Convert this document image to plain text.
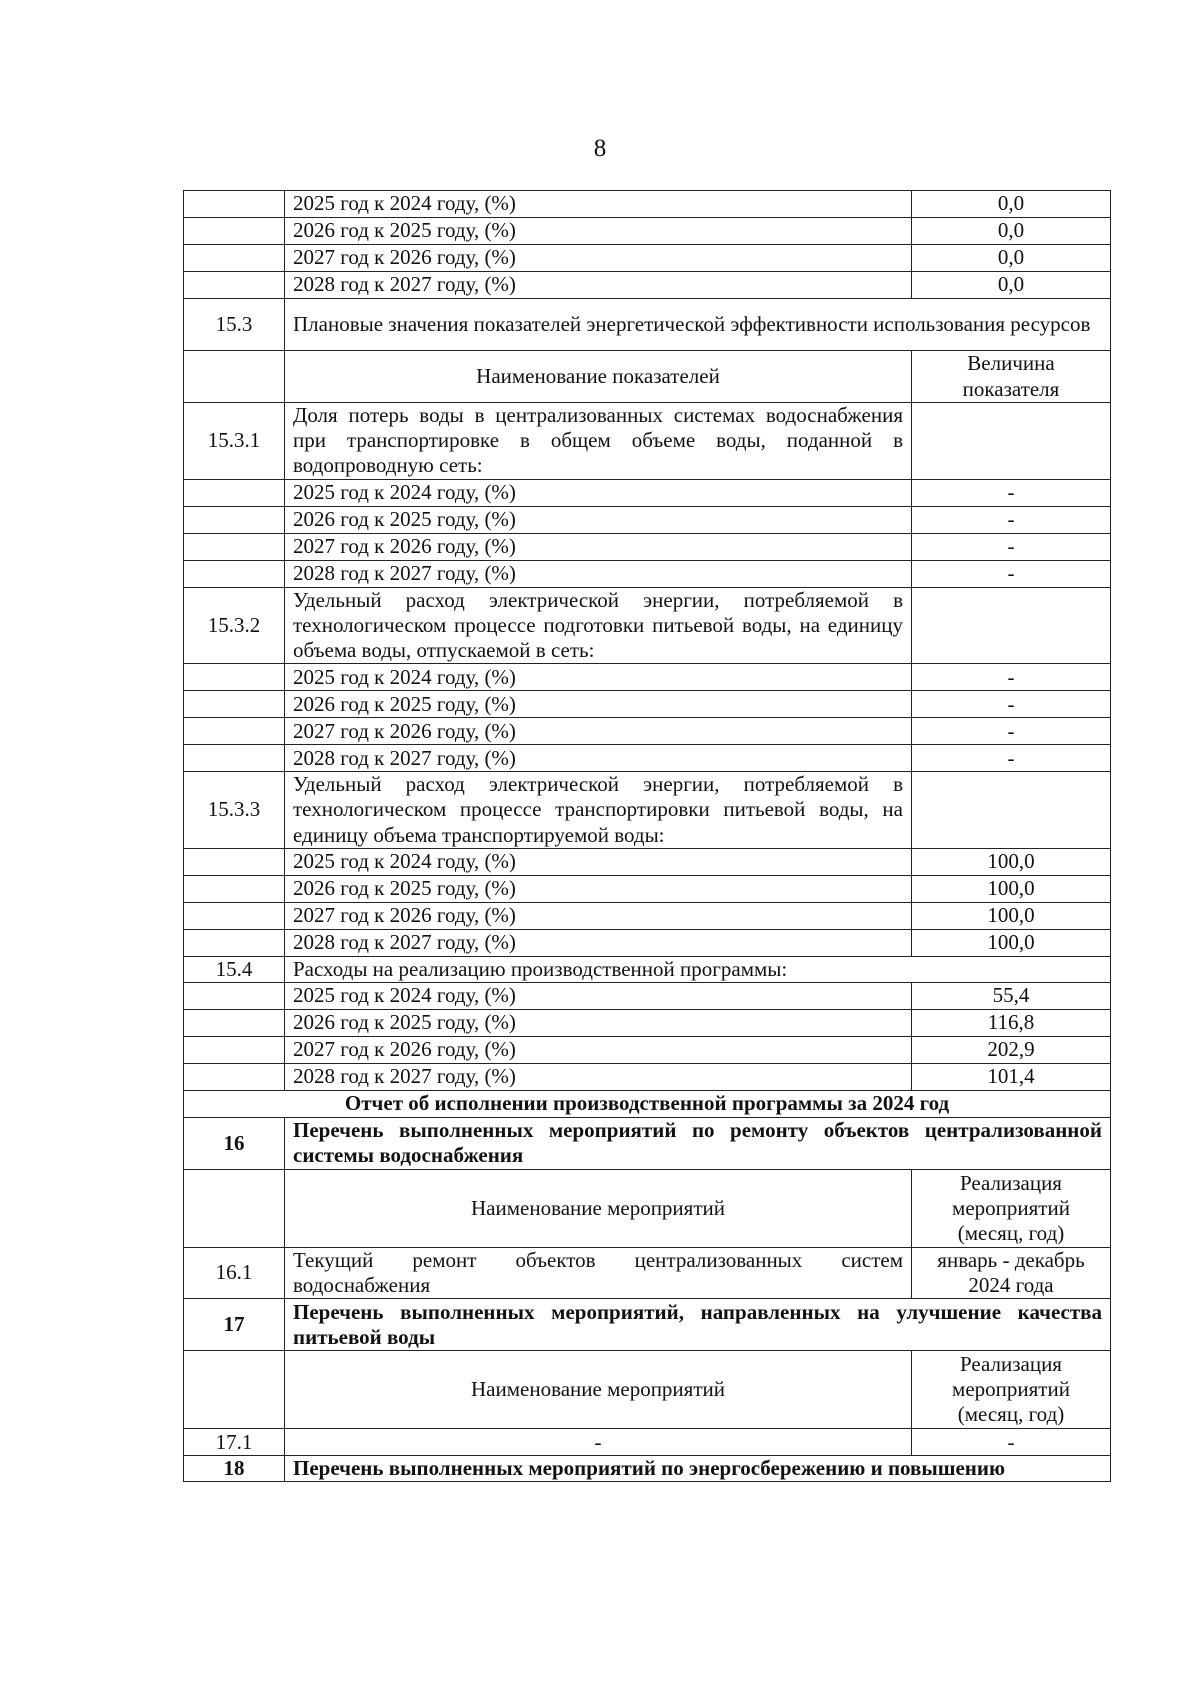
8
	2025 год к 2024 году, (%)	0,0
	2026 год к 2025 году, (%)	0,0
	2027 год к 2026 году, (%)	0,0
	2028 год к 2027 году, (%)	0,0
15.3	Плановые значения показателей энергетической эффективности использования ресурсов	
	Наименование показателей	Величина показателя
15.3.1	Доля потерь воды в централизованных системах водоснабжения при транспортировке в общем объеме воды, поданной в водопроводную сеть:	
	2025 год к 2024 году, (%)	-
	2026 год к 2025 году, (%)	-
	2027 год к 2026 году, (%)	-
	2028 год к 2027 году, (%)	-
15.3.2	Удельный расход электрической энергии, потребляемой в технологическом процессе подготовки питьевой воды, на единицу объема воды, отпускаемой в сеть:	
	2025 год к 2024 году, (%)	-
	2026 год к 2025 году, (%)	-
	2027 год к 2026 году, (%)	-
	2028 год к 2027 году, (%)	-
15.3.3	Удельный расход электрической энергии, потребляемой в технологическом процессе транспортировки питьевой воды, на единицу объема транспортируемой воды:	
	2025 год к 2024 году, (%)	100,0
	2026 год к 2025 году, (%)	100,0
	2027 год к 2026 году, (%)	100,0
	2028 год к 2027 году, (%)	100,0
15.4	Расходы на реализацию производственной программы:	
	2025 год к 2024 году, (%)	55,4
	2026 год к 2025 году, (%)	116,8
	2027 год к 2026 году, (%)	202,9
	2028 год к 2027 году, (%)	101,4
Отчет об исполнении производственной программы за 2024 год		
16	Перечень выполненных мероприятий по ремонту объектов централизованной системы водоснабжения	
	Наименование мероприятий	Реализация мероприятий (месяц, год)
16.1	Текущий ремонт объектов централизованных систем водоснабжения	январь - декабрь 2024 года
17	Перечень выполненных мероприятий, направленных на улучшение качества питьевой воды	
	Наименование мероприятий	Реализация мероприятий (месяц, год)
17.1	-	-
18	Перечень выполненных мероприятий по энергосбережению и повышению	
